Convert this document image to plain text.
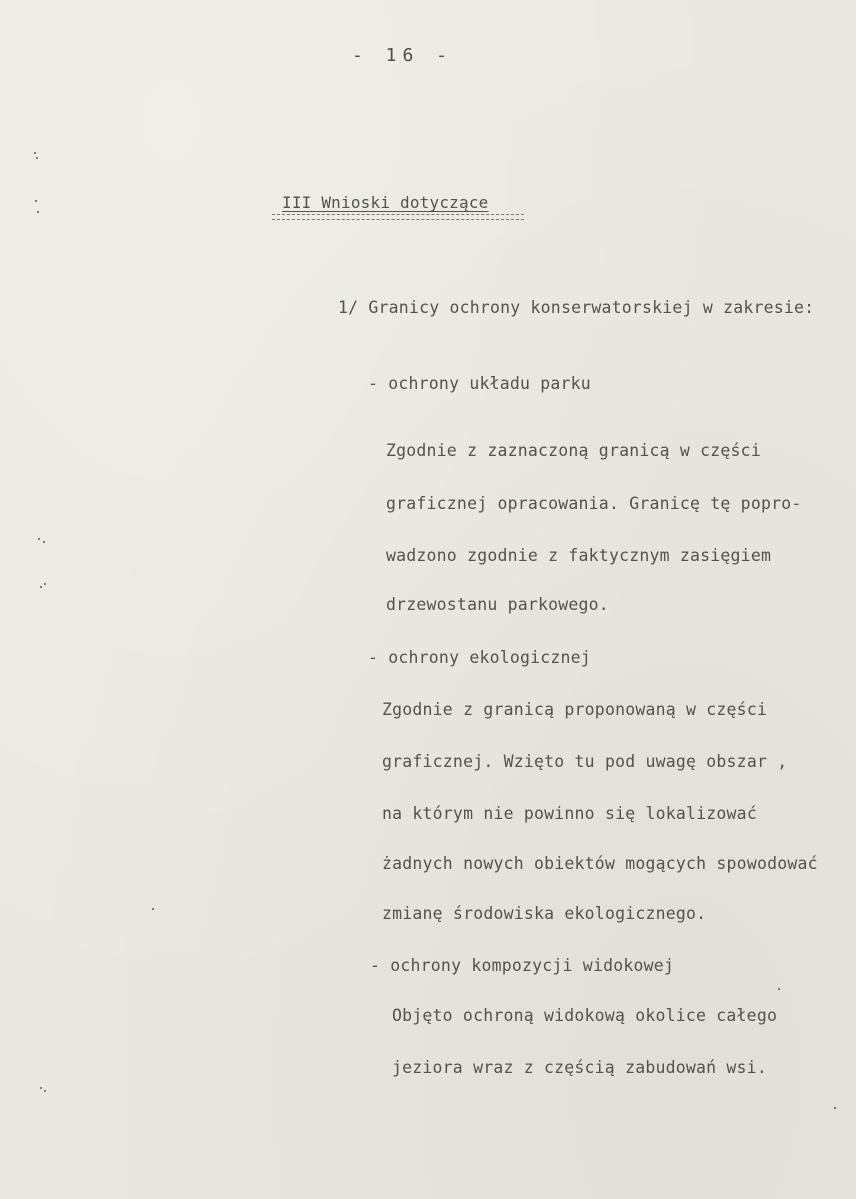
- 16 -
III Wnioski dotyczące
1/ Granicy ochrony konserwatorskiej w zakresie:
- ochrony układu parku
Zgodnie z zaznaczoną granicą w części
graficznej opracowania. Granicę tę popro-
wadzono zgodnie z faktycznym zasięgiem
drzewostanu parkowego.
- ochrony ekologicznej
Zgodnie z granicą proponowaną w części
graficznej. Wzięto tu pod uwagę obszar ,
na którym nie powinno się lokalizować
żadnych nowych obiektów mogących spowodować
zmianę środowiska ekologicznego.
- ochrony kompozycji widokowej
Objęto ochroną widokową okolice całego
jeziora wraz z częścią zabudowań wsi.
